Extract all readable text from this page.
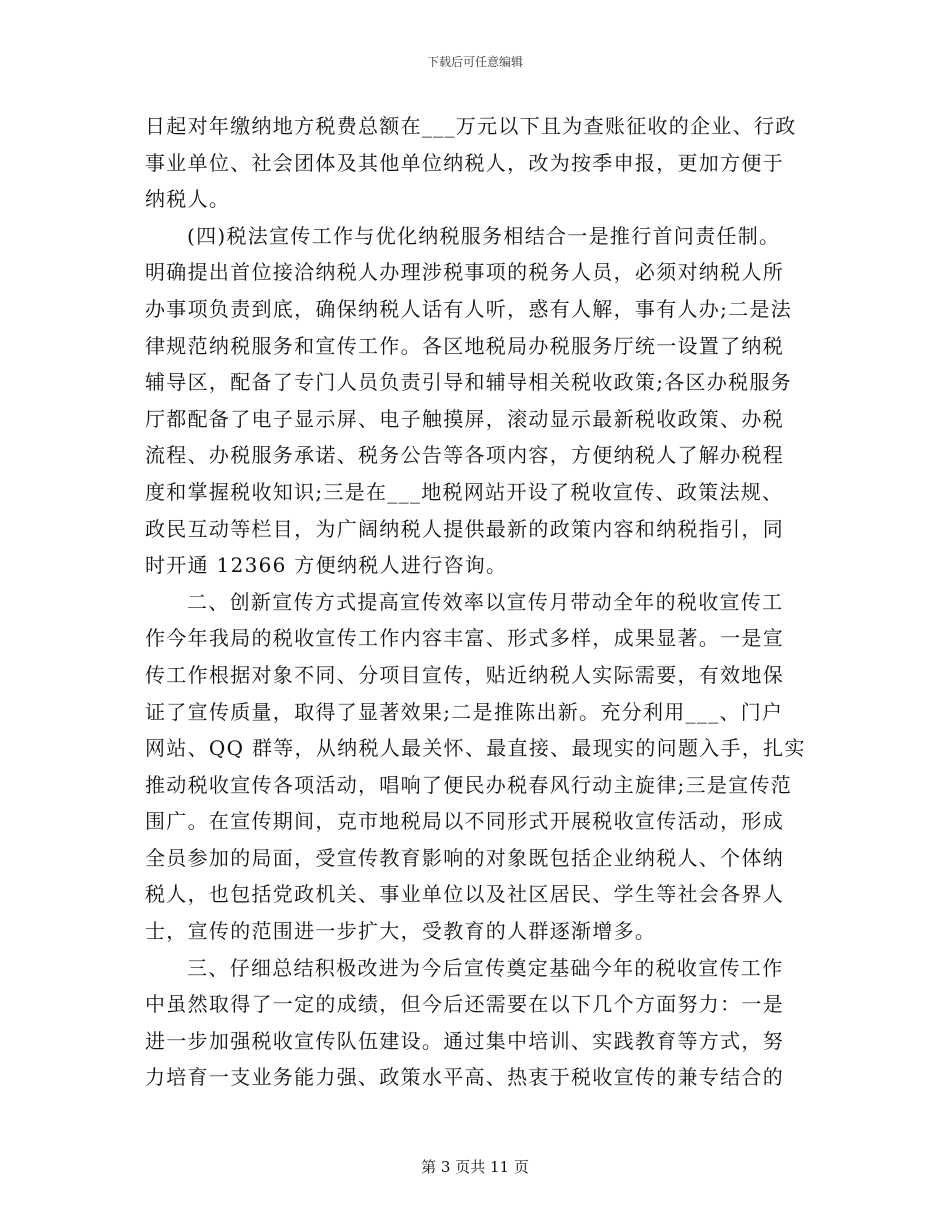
下载后可任意编辑
日起对年缴纳地方税费总额在___万元以下且为查账征收的企业、行政
事业单位、社会团体及其他单位纳税人，改为按季申报，更加方便于
纳税人。
(四)税法宣传工作与优化纳税服务相结合一是推行首问责任制。
明确提出首位接洽纳税人办理涉税事项的税务人员，必须对纳税人所
办事项负责到底，确保纳税人话有人听，惑有人解，事有人办;二是法
律规范纳税服务和宣传工作。各区地税局办税服务厅统一设置了纳税
辅导区，配备了专门人员负责引导和辅导相关税收政策;各区办税服务
厅都配备了电子显示屏、电子触摸屏，滚动显示最新税收政策、办税
流程、办税服务承诺、税务公告等各项内容，方便纳税人了解办税程
度和掌握税收知识;三是在___地税网站开设了税收宣传、政策法规、
政民互动等栏目，为广阔纳税人提供最新的政策内容和纳税指引，同
时开通 12366 方便纳税人进行咨询。
二、创新宣传方式提高宣传效率以宣传月带动全年的税收宣传工
作今年我局的税收宣传工作内容丰富、形式多样，成果显著。一是宣
传工作根据对象不同、分项目宣传，贴近纳税人实际需要，有效地保
证了宣传质量，取得了显著效果;二是推陈出新。充分利用___、门户
网站、QQ 群等，从纳税人最关怀、最直接、最现实的问题入手，扎实
推动税收宣传各项活动，唱响了便民办税春风行动主旋律;三是宣传范
围广。在宣传期间，克市地税局以不同形式开展税收宣传活动，形成
全员参加的局面，受宣传教育影响的对象既包括企业纳税人、个体纳
税人，也包括党政机关、事业单位以及社区居民、学生等社会各界人
士，宣传的范围进一步扩大，受教育的人群逐渐增多。
三、仔细总结积极改进为今后宣传奠定基础今年的税收宣传工作
中虽然取得了一定的成绩，但今后还需要在以下几个方面努力：一是
进一步加强税收宣传队伍建设。通过集中培训、实践教育等方式，努
力培育一支业务能力强、政策水平高、热衷于税收宣传的兼专结合的
第 3 页共 11 页
